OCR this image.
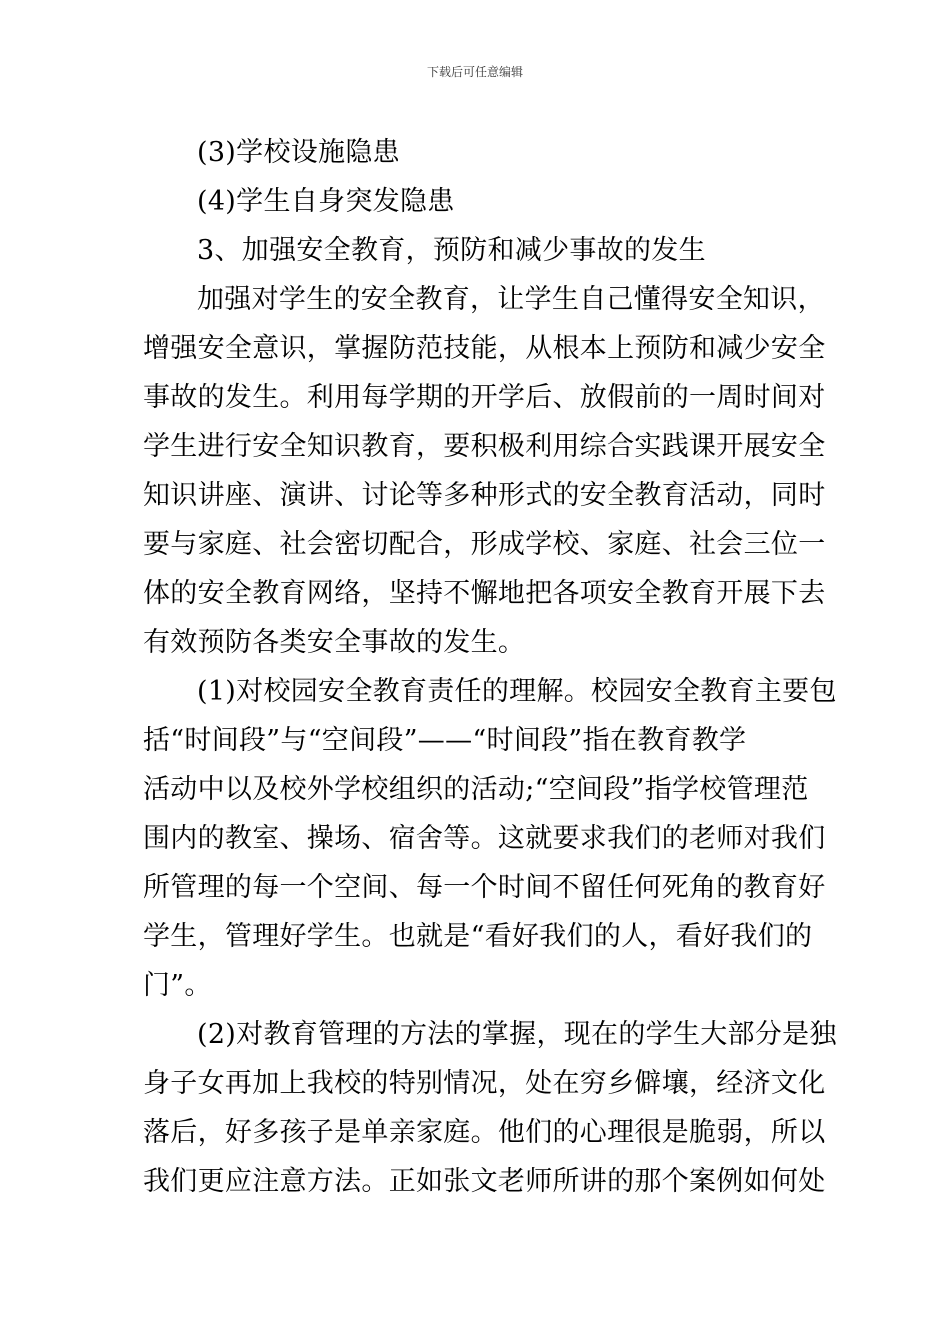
下载后可任意编辑
(3)学校设施隐患
(4)学生自身突发隐患
3、加强安全教育，预防和减少事故的发生
加强对学生的安全教育，让学生自己懂得安全知识，
增强安全意识，掌握防范技能，从根本上预防和减少安全
事故的发生。利用每学期的开学后、放假前的一周时间对
学生进行安全知识教育，要积极利用综合实践课开展安全
知识讲座、演讲、讨论等多种形式的安全教育活动，同时
要与家庭、社会密切配合，形成学校、家庭、社会三位一
体的安全教育网络，坚持不懈地把各项安全教育开展下去
有效预防各类安全事故的发生。
(1)对校园安全教育责任的理解。校园安全教育主要包
括“时间段”与“空间段”——“时间段”指在教育教学
活动中以及校外学校组织的活动;“空间段”指学校管理范
围内的教室、操场、宿舍等。这就要求我们的老师对我们
所管理的每一个空间、每一个时间不留任何死角的教育好
学生，管理好学生。也就是“看好我们的人，看好我们的
门”。
(2)对教育管理的方法的掌握，现在的学生大部分是独
身子女再加上我校的特别情况，处在穷乡僻壤，经济文化
落后，好多孩子是单亲家庭。他们的心理很是脆弱，所以
我们更应注意方法。正如张文老师所讲的那个案例如何处
